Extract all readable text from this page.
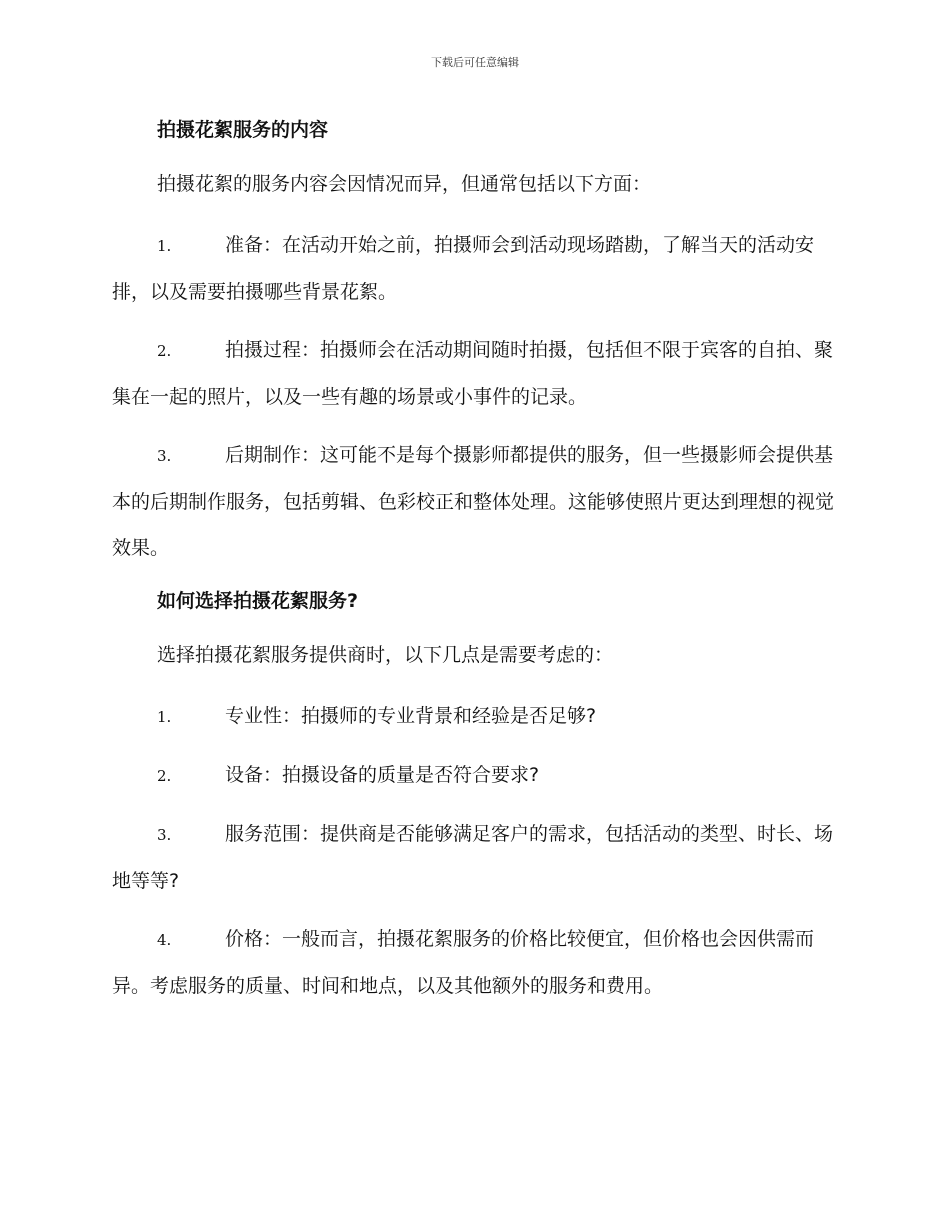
下载后可任意编辑
拍摄花絮服务的内容
拍摄花絮的服务内容会因情况而异，但通常包括以下方面：
1.	准备：在活动开始之前，拍摄师会到活动现场踏勘，了解当天的活动安排，以及需要拍摄哪些背景花絮。
2.	拍摄过程：拍摄师会在活动期间随时拍摄，包括但不限于宾客的自拍、聚集在一起的照片，以及一些有趣的场景或小事件的记录。
3.	后期制作：这可能不是每个摄影师都提供的服务，但一些摄影师会提供基本的后期制作服务，包括剪辑、色彩校正和整体处理。这能够使照片更达到理想的视觉效果。
如何选择拍摄花絮服务?
选择拍摄花絮服务提供商时，以下几点是需要考虑的：
1.	专业性：拍摄师的专业背景和经验是否足够?
2.	设备：拍摄设备的质量是否符合要求?
3.	服务范围：提供商是否能够满足客户的需求，包括活动的类型、时长、场地等等?
4.	价格：一般而言，拍摄花絮服务的价格比较便宜，但价格也会因供需而异。考虑服务的质量、时间和地点，以及其他额外的服务和费用。
